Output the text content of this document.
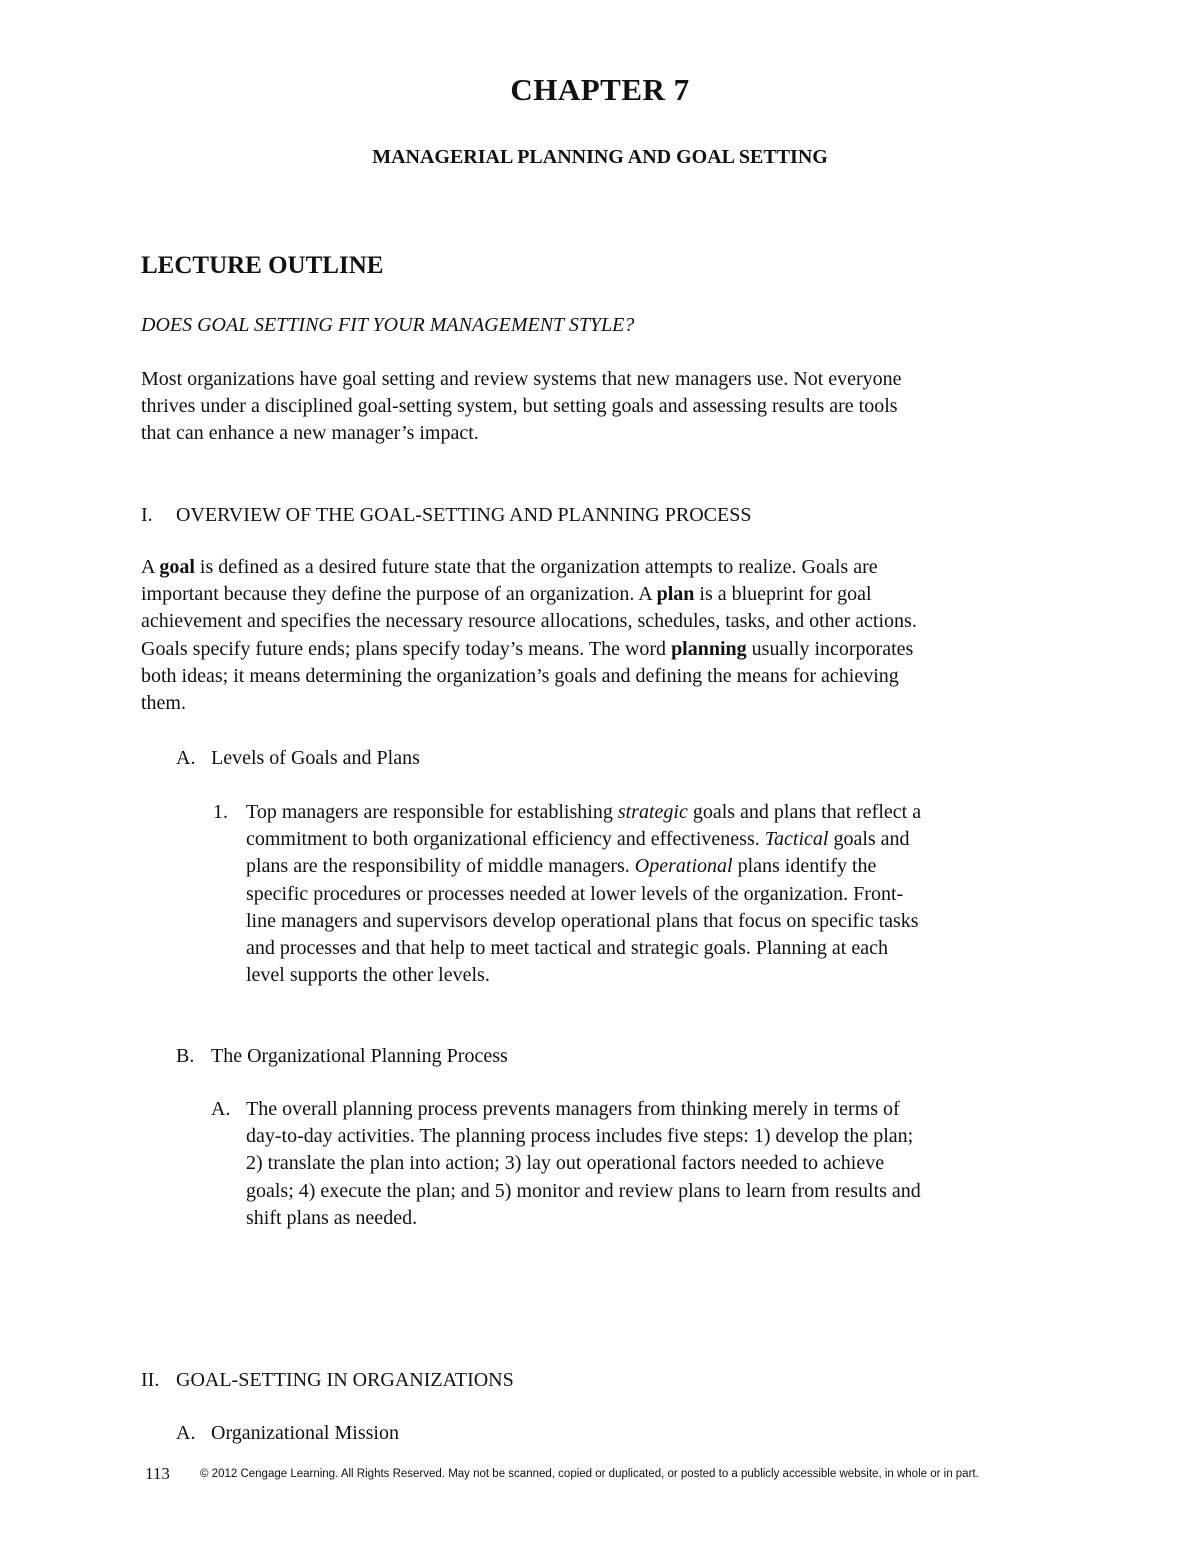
CHAPTER 7
MANAGERIAL PLANNING AND GOAL SETTING
LECTURE OUTLINE
DOES GOAL SETTING FIT YOUR MANAGEMENT STYLE?
Most organizations have goal setting and review systems that new managers use. Not everyone
thrives under a disciplined goal-setting system, but setting goals and assessing results are tools
that can enhance a new manager’s impact.
I. OVERVIEW OF THE GOAL-SETTING AND PLANNING PROCESS
A goal is defined as a desired future state that the organization attempts to realize. Goals are
important because they define the purpose of an organization. A plan is a blueprint for goal
achievement and specifies the necessary resource allocations, schedules, tasks, and other actions.
Goals specify future ends; plans specify today’s means. The word planning usually incorporates
both ideas; it means determining the organization’s goals and defining the means for achieving
them.
A. Levels of Goals and Plans
1. Top managers are responsible for establishing strategic goals and plans that reflect a
commitment to both organizational efficiency and effectiveness. Tactical goals and
plans are the responsibility of middle managers. Operational plans identify the
specific procedures or processes needed at lower levels of the organization. Front-
line managers and supervisors develop operational plans that focus on specific tasks
and processes and that help to meet tactical and strategic goals. Planning at each
level supports the other levels.
B. The Organizational Planning Process
A. The overall planning process prevents managers from thinking merely in terms of
day-to-day activities. The planning process includes five steps: 1) develop the plan;
2) translate the plan into action; 3) lay out operational factors needed to achieve
goals; 4) execute the plan; and 5) monitor and review plans to learn from results and
shift plans as needed.
II. GOAL-SETTING IN ORGANIZATIONS
A. Organizational Mission
113	© 2012 Cengage Learning. All Rights Reserved. May not be scanned, copied or duplicated, or posted to a publicly accessible website, in whole or in part.
